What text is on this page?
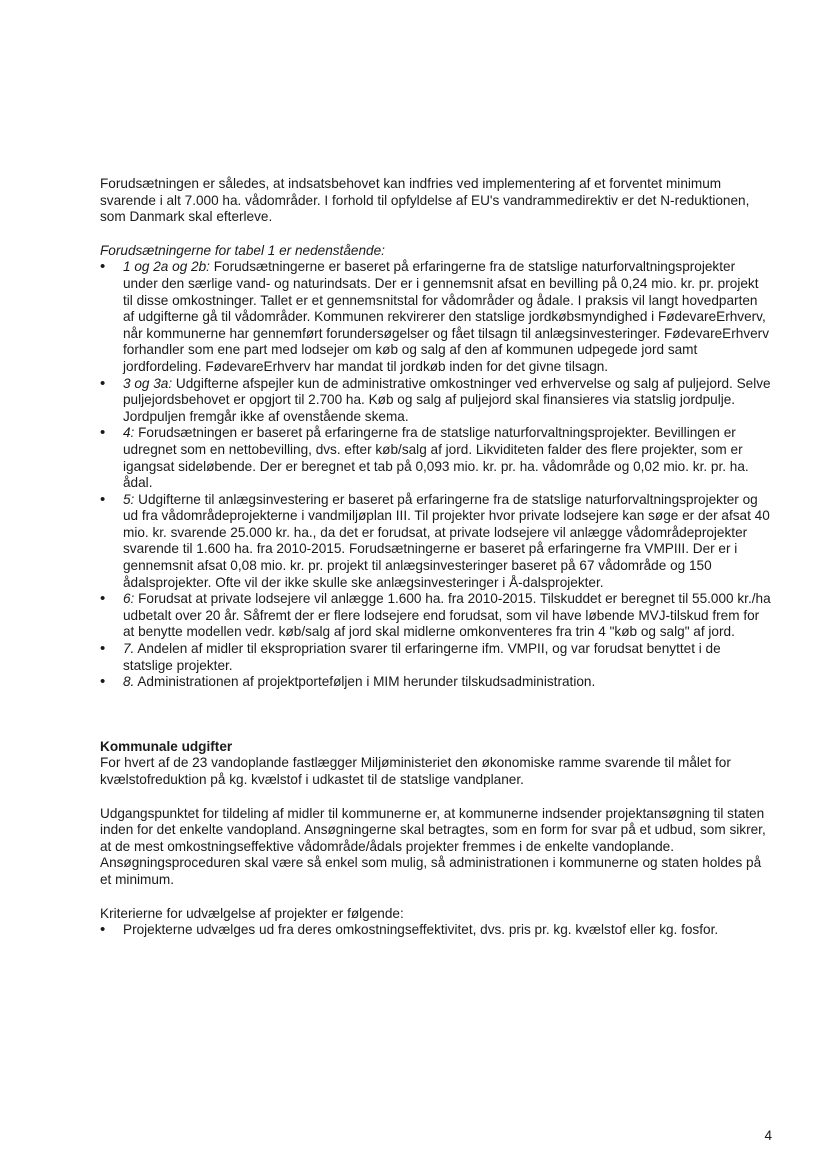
Forudsætningen er således, at indsatsbehovet kan indfries ved implementering af et forventet minimum svarende i alt 7.000 ha. vådområder. I forhold til opfyldelse af EU's vandrammedirektiv er det N-reduktionen, som Danmark skal efterleve.

Forudsætningerne for tabel 1 er nedenstående:

• 1 og 2a og 2b: Forudsætningerne er baseret på erfaringerne fra de statslige naturforvaltningsprojekter under den særlige vand- og naturindsats. Der er i gennemsnit afsat en bevilling på 0,24 mio. kr. pr. projekt til disse omkostninger. Tallet er et gennemsnitstal for vådområder og ådale. I praksis vil langt hovedparten af udgifterne gå til vådområder. Kommunen rekvirerer den statslige jordkøbsmyndighed i FødevareErhverv, når kommunerne har gennemført forundersøgelser og fået tilsagn til anlægsinvesteringer. FødevareErhverv forhandler som ene part med lodsejer om køb og salg af den af kommunen udpegede jord samt jordfordeling. FødevareErhverv har mandat til jordkøb inden for det givne tilsagn.
• 3 og 3a: Udgifterne afspejler kun de administrative omkostninger ved erhvervelse og salg af puljejord. Selve puljejordsbehovet er opgjort til 2.700 ha. Køb og salg af puljejord skal finansieres via statslig jordpulje. Jordpuljen fremgår ikke af ovenstående skema.
• 4: Forudsætningen er baseret på erfaringerne fra de statslige naturforvaltningsprojekter. Bevillingen er udregnet som en nettobevilling, dvs. efter køb/salg af jord. Likviditeten falder des flere projekter, som er igangsat sideløbende. Der er beregnet et tab på 0,093 mio. kr. pr. ha. vådområde og 0,02 mio. kr. pr. ha. ådal.
• 5: Udgifterne til anlægsinvestering er baseret på erfaringerne fra de statslige naturforvaltningsprojekter og ud fra vådområdeprojekterne i vandmiljøplan III. Til projekter hvor private lodsejere kan søge er der afsat 40 mio. kr. svarende 25.000 kr. ha., da det er forudsat, at private lodsejere vil anlægge vådområdeprojekter svarende til 1.600 ha. fra 2010-2015. Forudsætningerne er baseret på erfaringerne fra VMPIII. Der er i gennemsnit afsat 0,08 mio. kr. pr. projekt til anlægsinvesteringer baseret på 67 vådområde og 150 ådalsprojekter. Ofte vil der ikke skulle ske anlægsinvesteringer i Å-dalsprojekter.
• 6: Forudsat at private lodsejere vil anlægge 1.600 ha. fra 2010-2015. Tilskuddet er beregnet til 55.000 kr./ha udbetalt over 20 år. Såfremt der er flere lodsejere end forudsat, som vil have løbende MVJ-tilskud frem for at benytte modellen vedr. køb/salg af jord skal midlerne omkonventeres fra trin 4 "køb og salg" af jord.
• 7. Andelen af midler til ekspropriation svarer til erfaringerne ifm. VMPII, og var forudsat benyttet i de statslige projekter.
• 8. Administrationen af projektporteføljen i MIM herunder tilskudsadministration.
Kommunale udgifter

For hvert af de 23 vandoplande fastlægger Miljøministeriet den økonomiske ramme svarende til målet for kvælstofreduktion på kg. kvælstof i udkastet til de statslige vandplaner.

Udgangspunktet for tildeling af midler til kommunerne er, at kommunerne indsender projektansøgning til staten inden for det enkelte vandopland. Ansøgningerne skal betragtes, som en form for svar på et udbud, som sikrer, at de mest omkostningseffektive vådområde/ådals projekter fremmes i de enkelte vandoplande. Ansøgningsproceduren skal være så enkel som mulig, så administrationen i kommunerne og staten holdes på et minimum.

Kriterierne for udvælgelse af projekter er følgende:

• Projekterne udvælges ud fra deres omkostningseffektivitet, dvs. pris pr. kg. kvælstof eller kg. fosfor.
4
